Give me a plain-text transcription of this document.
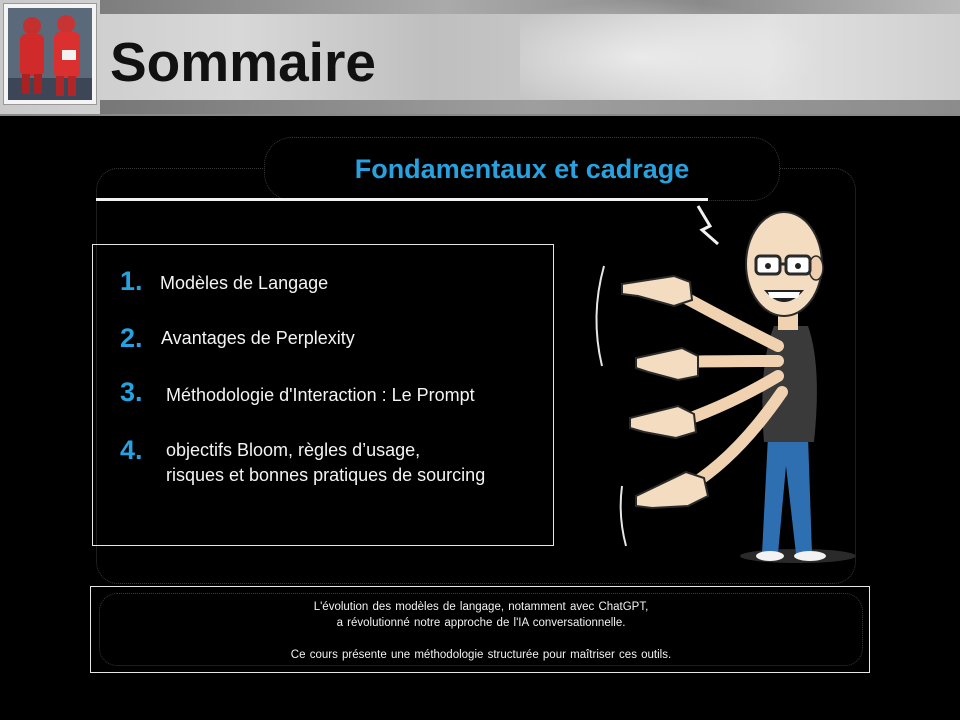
Sommaire
Fondamentaux et cadrage
1. Modèles de Langage
2. Avantages de Perplexity
3. Méthodologie d'Interaction : Le Prompt
4. objectifs Bloom, règles d’usage,
risques et bonnes pratiques de sourcing
L'évolution des modèles de langage, notamment avec ChatGPT,
a révolutionné notre approche de l'IA conversationnelle.
Ce cours présente une méthodologie structurée pour maîtriser ces outils.
